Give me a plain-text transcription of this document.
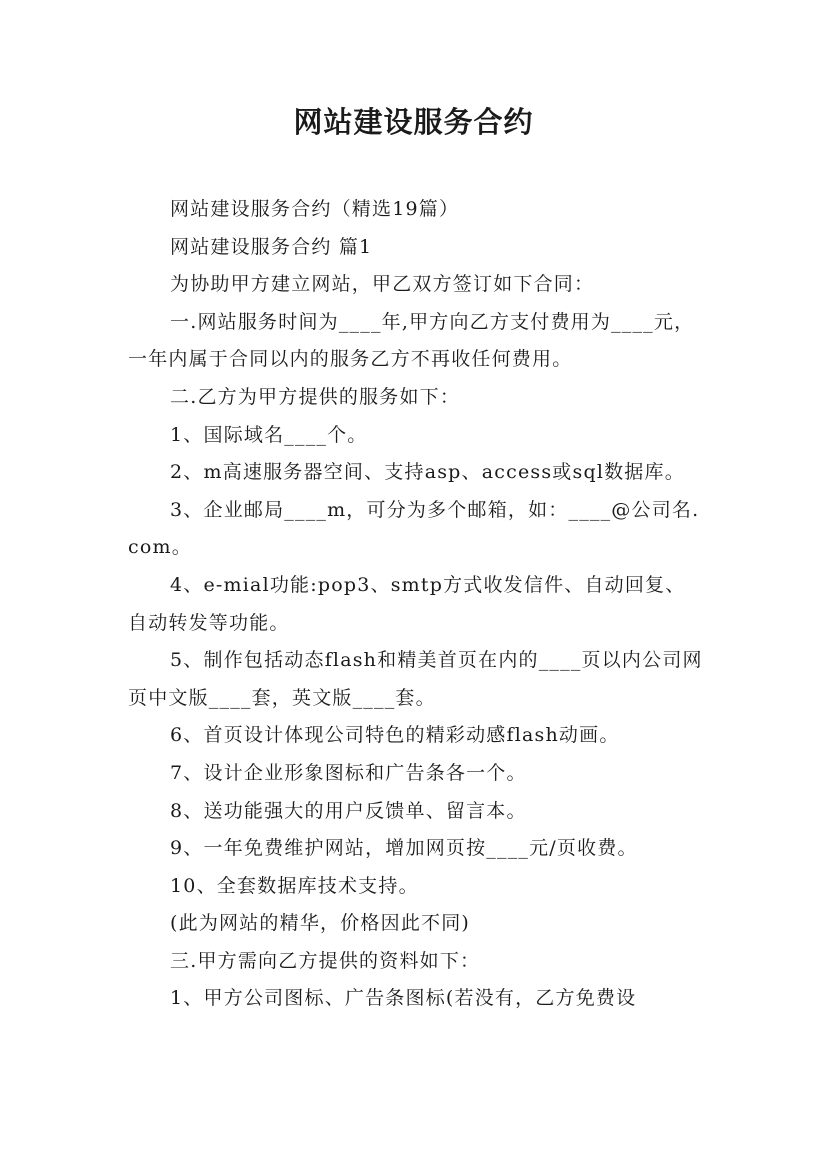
网站建设服务合约

网站建设服务合约（精选19篇）

网站建设服务合约 篇1

为协助甲方建立网站，甲乙双方签订如下合同：

一.网站服务时间为____年,甲方向乙方支付费用为____元，一年内属于合同以内的服务乙方不再收任何费用。

二.乙方为甲方提供的服务如下：

1、国际域名____个。

2、m高速服务器空间、支持asp、access或sql数据库。

3、企业邮局____m，可分为多个邮箱，如：____@公司名.com。

4、e-mial功能:pop3、smtp方式收发信件、自动回复、自动转发等功能。

5、制作包括动态flash和精美首页在内的____页以内公司网页中文版____套，英文版____套。

6、首页设计体现公司特色的精彩动感flash动画。

7、设计企业形象图标和广告条各一个。

8、送功能强大的用户反馈单、留言本。

9、一年免费维护网站，增加网页按____元/页收费。

10、全套数据库技术支持。

(此为网站的精华，价格因此不同)

三.甲方需向乙方提供的资料如下：

1、甲方公司图标、广告条图标(若没有，乙方免费设
